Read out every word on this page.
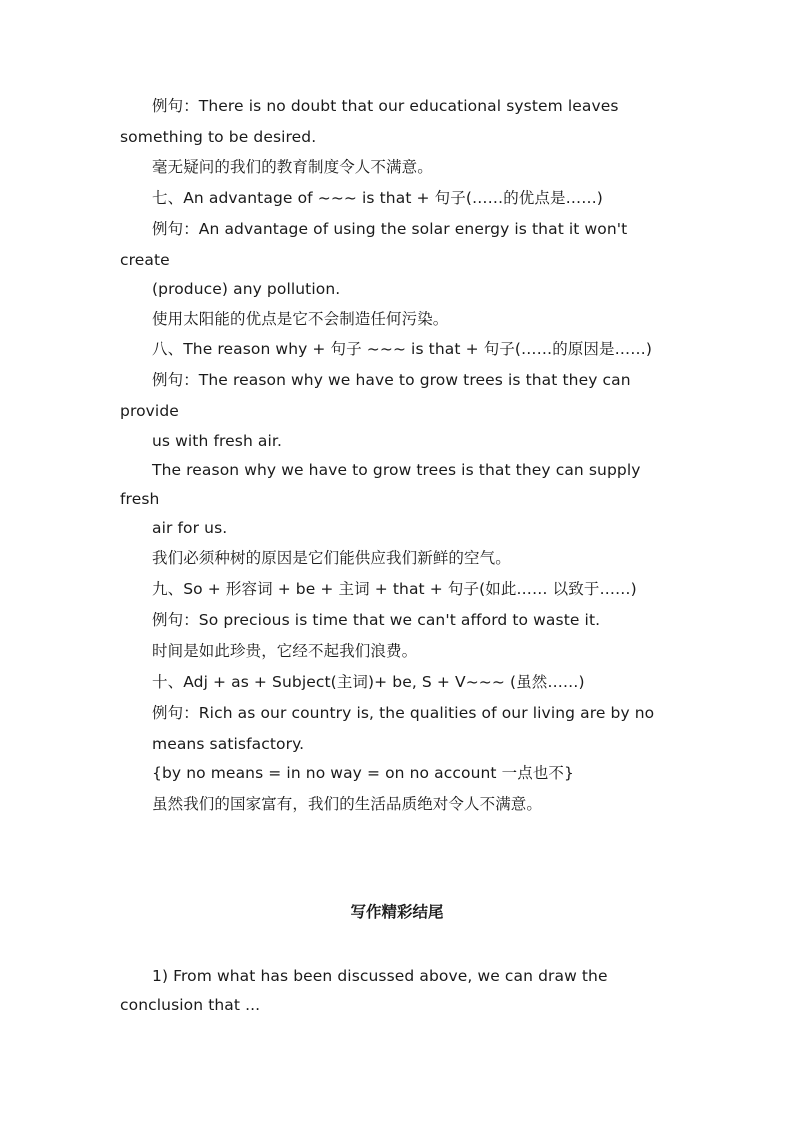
例句：There is no doubt that our educational system leaves
something to be desired.
毫无疑问的我们的教育制度令人不满意。
七、An advantage of ~~~ is that + 句子(……的优点是……)
例句：An advantage of using the solar energy is that it won't
create
(produce) any pollution.
使用太阳能的优点是它不会制造任何污染。
八、The reason why + 句子 ~~~ is that + 句子(……的原因是……)
例句：The reason why we have to grow trees is that they can
provide
us with fresh air.
The reason why we have to grow trees is that they can supply
fresh
air for us.
我们必须种树的原因是它们能供应我们新鲜的空气。
九、So + 形容词 + be + 主词 + that + 句子(如此…… 以致于……)
例句：So precious is time that we can't afford to waste it.
时间是如此珍贵，它经不起我们浪费。
十、Adj + as + Subject(主词)+ be, S + V~~~ (虽然……)
例句：Rich as our country is, the qualities of our living are by no
means satisfactory.
{by no means = in no way = on no account 一点也不}
虽然我们的国家富有，我们的生活品质绝对令人不满意。
写作精彩结尾
1) From what has been discussed above, we can draw the
conclusion that ...
